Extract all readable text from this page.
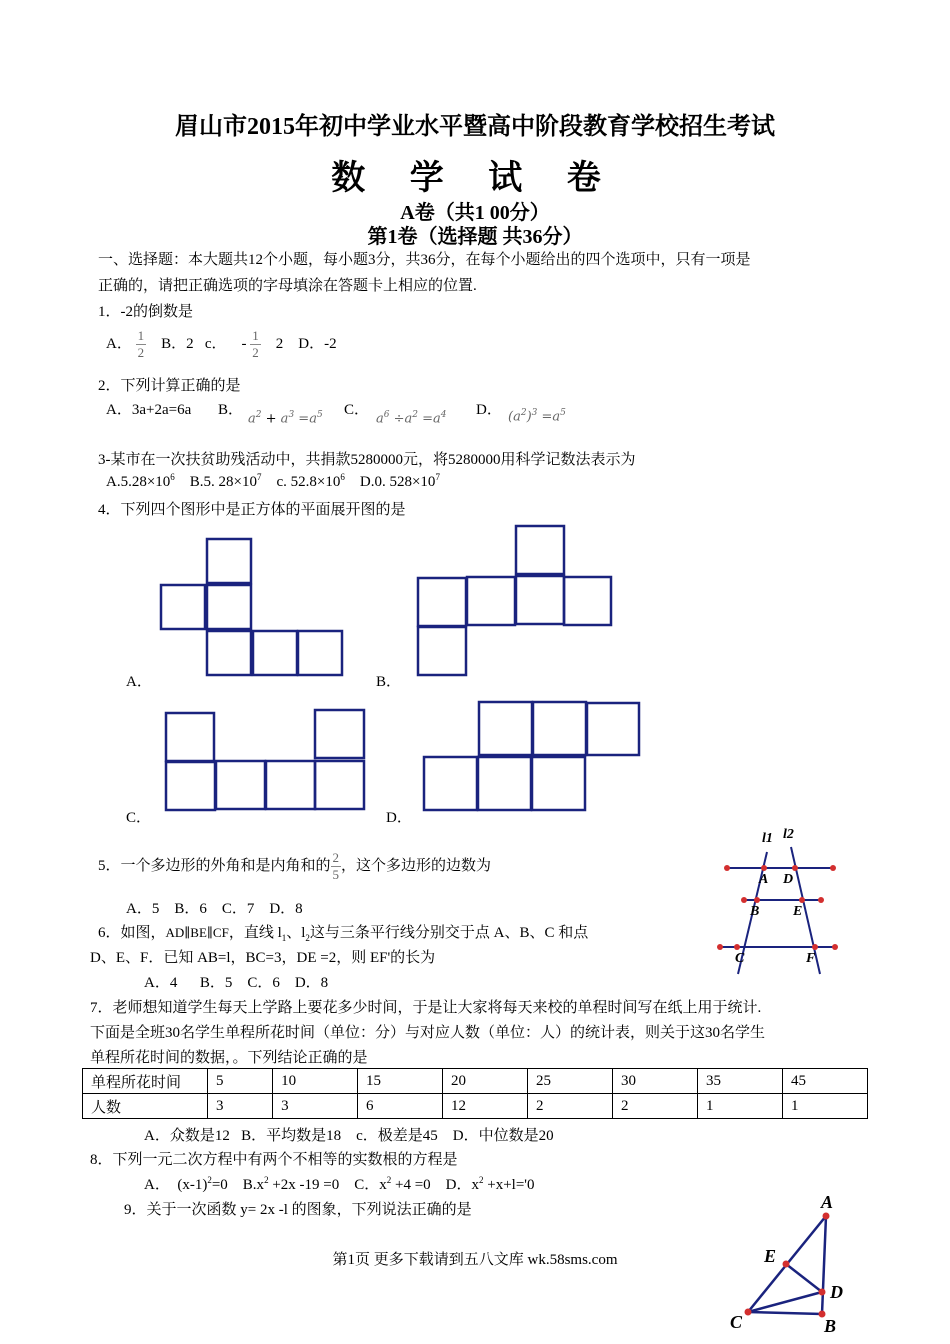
眉山市2015年初中学业水平暨高中阶段教育学校招生考试
数 学 试 卷
A卷（共1 00分）
第1卷（选择题 共36分）
一、选择题：本大题共12个小题，每小题3分，共36分，在每个小题给出的四个选项中，只有一项是
正确的，请把正确选项的字母填涂在答题卡上相应的位置.
1．-2的倒数是
A． $\frac{1}{2}$ B．2 c． - $\frac{1}{2} 2$ D．-2
2．下列计算正确的是
A．3a+2a=6a B．
$a^2 + a^3 =a^5$ C．
$a^6 \div a^2 =a^4$ D． $(a^2)^3 =a^5$
3-某市在一次扶贫助残活动中，共捐款5280000元，将5280000用科学记数法表示为
$A.5.28\times 10^6$ B.5. $28\times 10^7$ c. $52.8\times 10^6$ D.0. $528\times 10^7$
4．下列四个图形中是正方体的平面展开图的是
A．	B．
C．	D．
5．一个多边形的外角和是内角和的 $\frac{2}{5}$ ，这个多边形的边数为
A．5    B．6    C．7    D．8
6．如图，AD∥BE∥CF，直线 $l_1$、$l_2$这与三条平行线分别交于点 A、B、C 和点
D、E、F．已知 AB=l，BC=3，DE =2，则 EF'的长为
A．4      B．5    C．6    D．8
l1 l2
A D
B E
C	F
7．老师想知道学生每天上学路上要花多少时间，于是让大家将每天来校的单程时间写在纸上用于统计.
下面是全班30名学生单程所花时间（单位：分）与对应人数（单位：人）的统计表，则关于这30名学生
单程所花时间的数据，。下列结论正确的是
单程所花时间	5	10	15	20	25	30	35	45
人数	3	3	6	12	2	2	1	1
A．众数是12   B．平均数是18    c．极差是45    D．中位数是20
8．下列一元二次方程中有两个不相等的实数根的方程是
A．  $(x-1)^2=0$ $B.x^2 +2x$ -19 =0 C．$x^2 +4 =0$ D．$x^2 +x+l='0$
9．关于一次函数 y= 2x -l 的图象，下列说法正确的是	A
E
D
C	B
第1页 更多下载请到五八文库 wk.58sms.com
